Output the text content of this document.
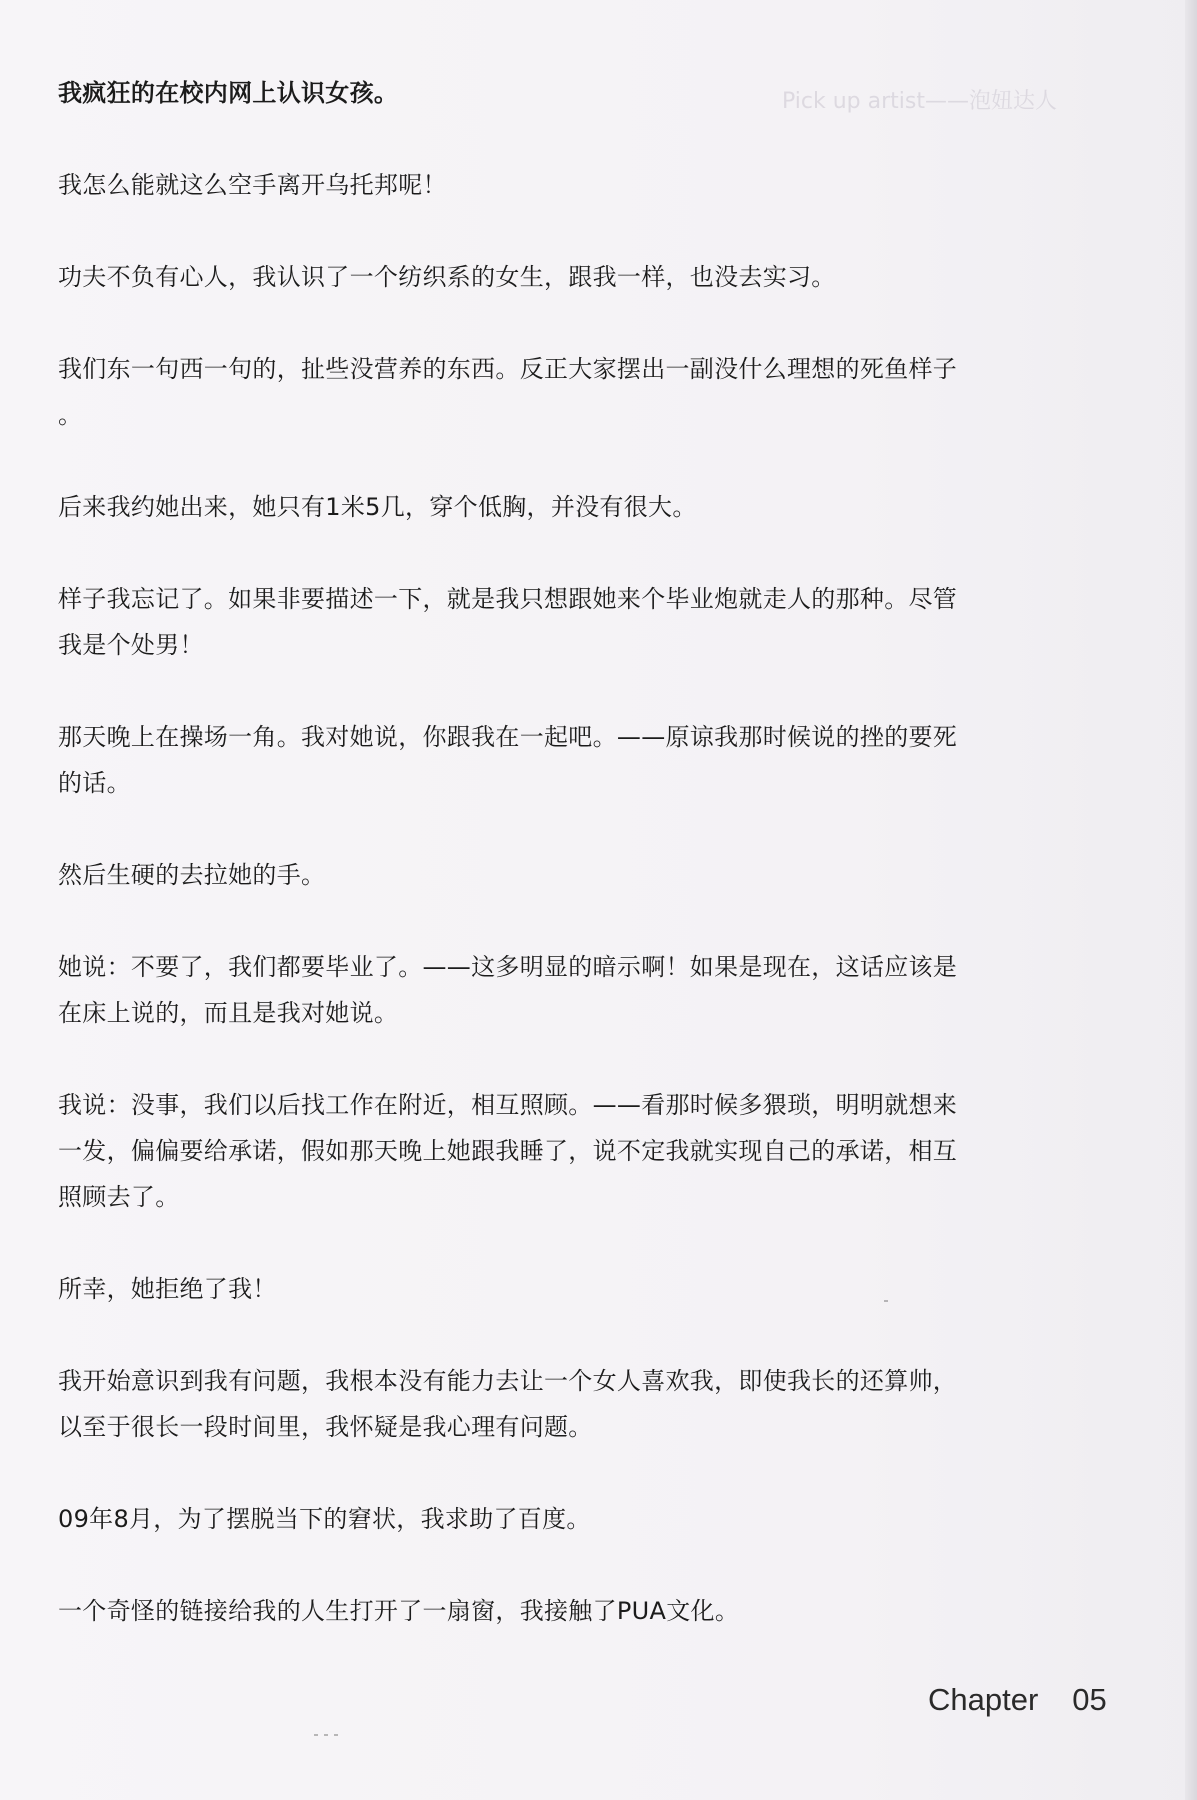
Pick up artist——泡妞达人

我疯狂的在校内网上认识女孩。

我怎么能就这么空手离开乌托邦呢！

功夫不负有心人，我认识了一个纺织系的女生，跟我一样，也没去实习。

我们东一句西一句的，扯些没营养的东西。反正大家摆出一副没什么理想的死鱼样子
。

后来我约她出来，她只有1米5几，穿个低胸，并没有很大。

样子我忘记了。如果非要描述一下，就是我只想跟她来个毕业炮就走人的那种。尽管
我是个处男！

那天晚上在操场一角。我对她说，你跟我在一起吧。——原谅我那时候说的挫的要死
的话。

然后生硬的去拉她的手。

她说：不要了，我们都要毕业了。——这多明显的暗示啊！如果是现在，这话应该是
在床上说的，而且是我对她说。

我说：没事，我们以后找工作在附近，相互照顾。——看那时候多猥琐，明明就想来
一发，偏偏要给承诺，假如那天晚上她跟我睡了，说不定我就实现自己的承诺，相互
照顾去了。

所幸，她拒绝了我！

我开始意识到我有问题，我根本没有能力去让一个女人喜欢我，即使我长的还算帅，
以至于很长一段时间里，我怀疑是我心理有问题。

09年8月，为了摆脱当下的窘状，我求助了百度。

一个奇怪的链接给我的人生打开了一扇窗，我接触了PUA文化。

Chapter 05
